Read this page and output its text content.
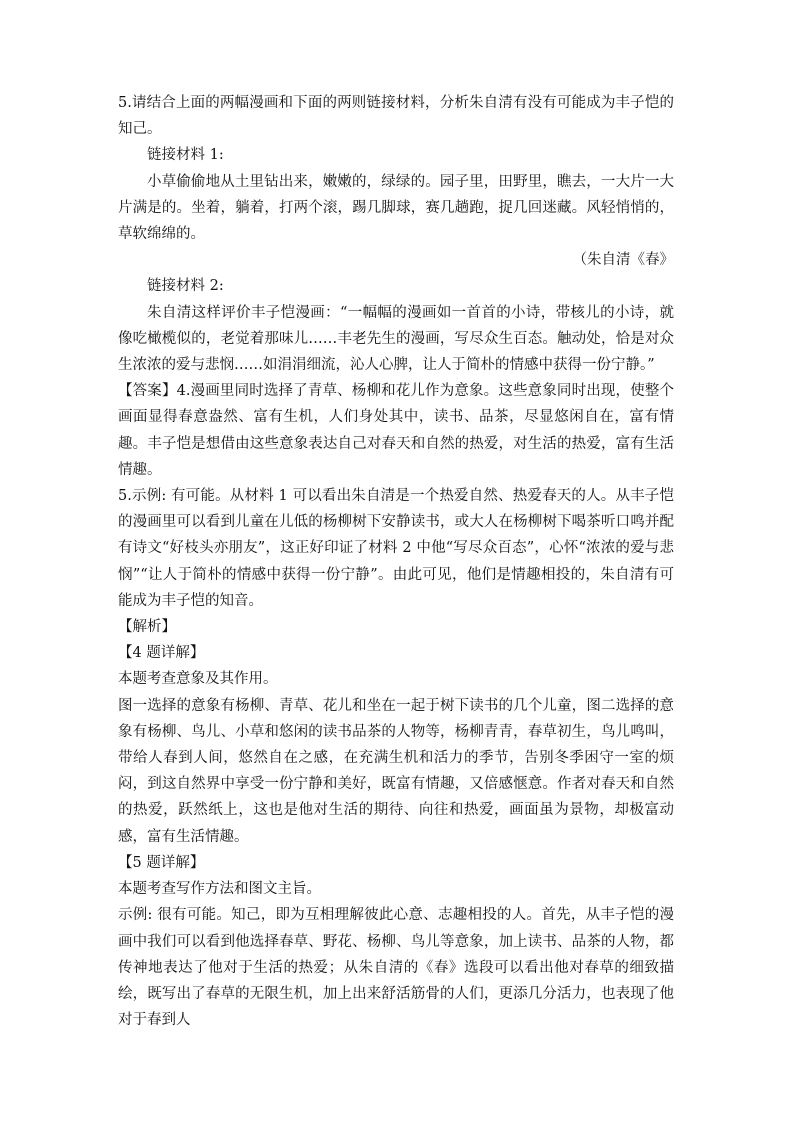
5.请结合上面的两幅漫画和下面的两则链接材料，分析朱自清有没有可能成为丰子恺的知己。

链接材料 1:

小草偷偷地从土里钻出来，嫩嫩的，绿绿的。园子里，田野里，瞧去，一大片一大片满是的。坐着，躺着，打两个滚，踢几脚球，赛几趟跑，捉几回迷藏。风轻悄悄的，草软绵绵的。

（朱自清《春》

链接材料 2:

朱自清这样评价丰子恺漫画：“一幅幅的漫画如一首首的小诗，带核儿的小诗，就像吃橄榄似的，老觉着那味儿……丰老先生的漫画，写尽众生百态。触动处，恰是对众生浓浓的爱与悲悯……如涓涓细流，沁人心脾，让人于简朴的情感中获得一份宁静。”

【答案】4.漫画里同时选择了青草、杨柳和花儿作为意象。这些意象同时出现，使整个画面显得春意盎然、富有生机，人们身处其中，读书、品茶，尽显悠闲自在，富有情趣。丰子恺是想借由这些意象表达自己对春天和自然的热爱，对生活的热爱，富有生活情趣。

5.示例: 有可能。从材料 1 可以看出朱自清是一个热爱自然、热爱春天的人。从丰子恺的漫画里可以看到儿童在儿低的杨柳树下安静读书，或大人在杨柳树下喝茶听口鸣并配有诗文“好枝头亦朋友”，这正好印证了材料 2 中他“写尽众百态”，心怀“浓浓的爱与悲悯”“让人于简朴的情感中获得一份宁静”。由此可见，他们是情趣相投的，朱自清有可能成为丰子恺的知音。

【解析】

【4 题详解】

本题考查意象及其作用。

图一选择的意象有杨柳、青草、花儿和坐在一起于树下读书的几个儿童，图二选择的意象有杨柳、鸟儿、小草和悠闲的读书品茶的人物等，杨柳青青，春草初生，鸟儿鸣叫，带给人春到人间，悠然自在之感，在充满生机和活力的季节，告别冬季困守一室的烦闷，到这自然界中享受一份宁静和美好，既富有情趣，又倍感惬意。作者对春天和自然的热爱，跃然纸上，这也是他对生活的期待、向往和热爱，画面虽为景物，却极富动感，富有生活情趣。

【5 题详解】

本题考查写作方法和图文主旨。

示例: 很有可能。知己，即为互相理解彼此心意、志趣相投的人。首先，从丰子恺的漫画中我们可以看到他选择春草、野花、杨柳、鸟儿等意象，加上读书、品茶的人物，都传神地表达了他对于生活的热爱；从朱自清的《春》选段可以看出他对春草的细致描绘，既写出了春草的无限生机，加上出来舒活筋骨的人们，更添几分活力，也表现了他对于春到人
